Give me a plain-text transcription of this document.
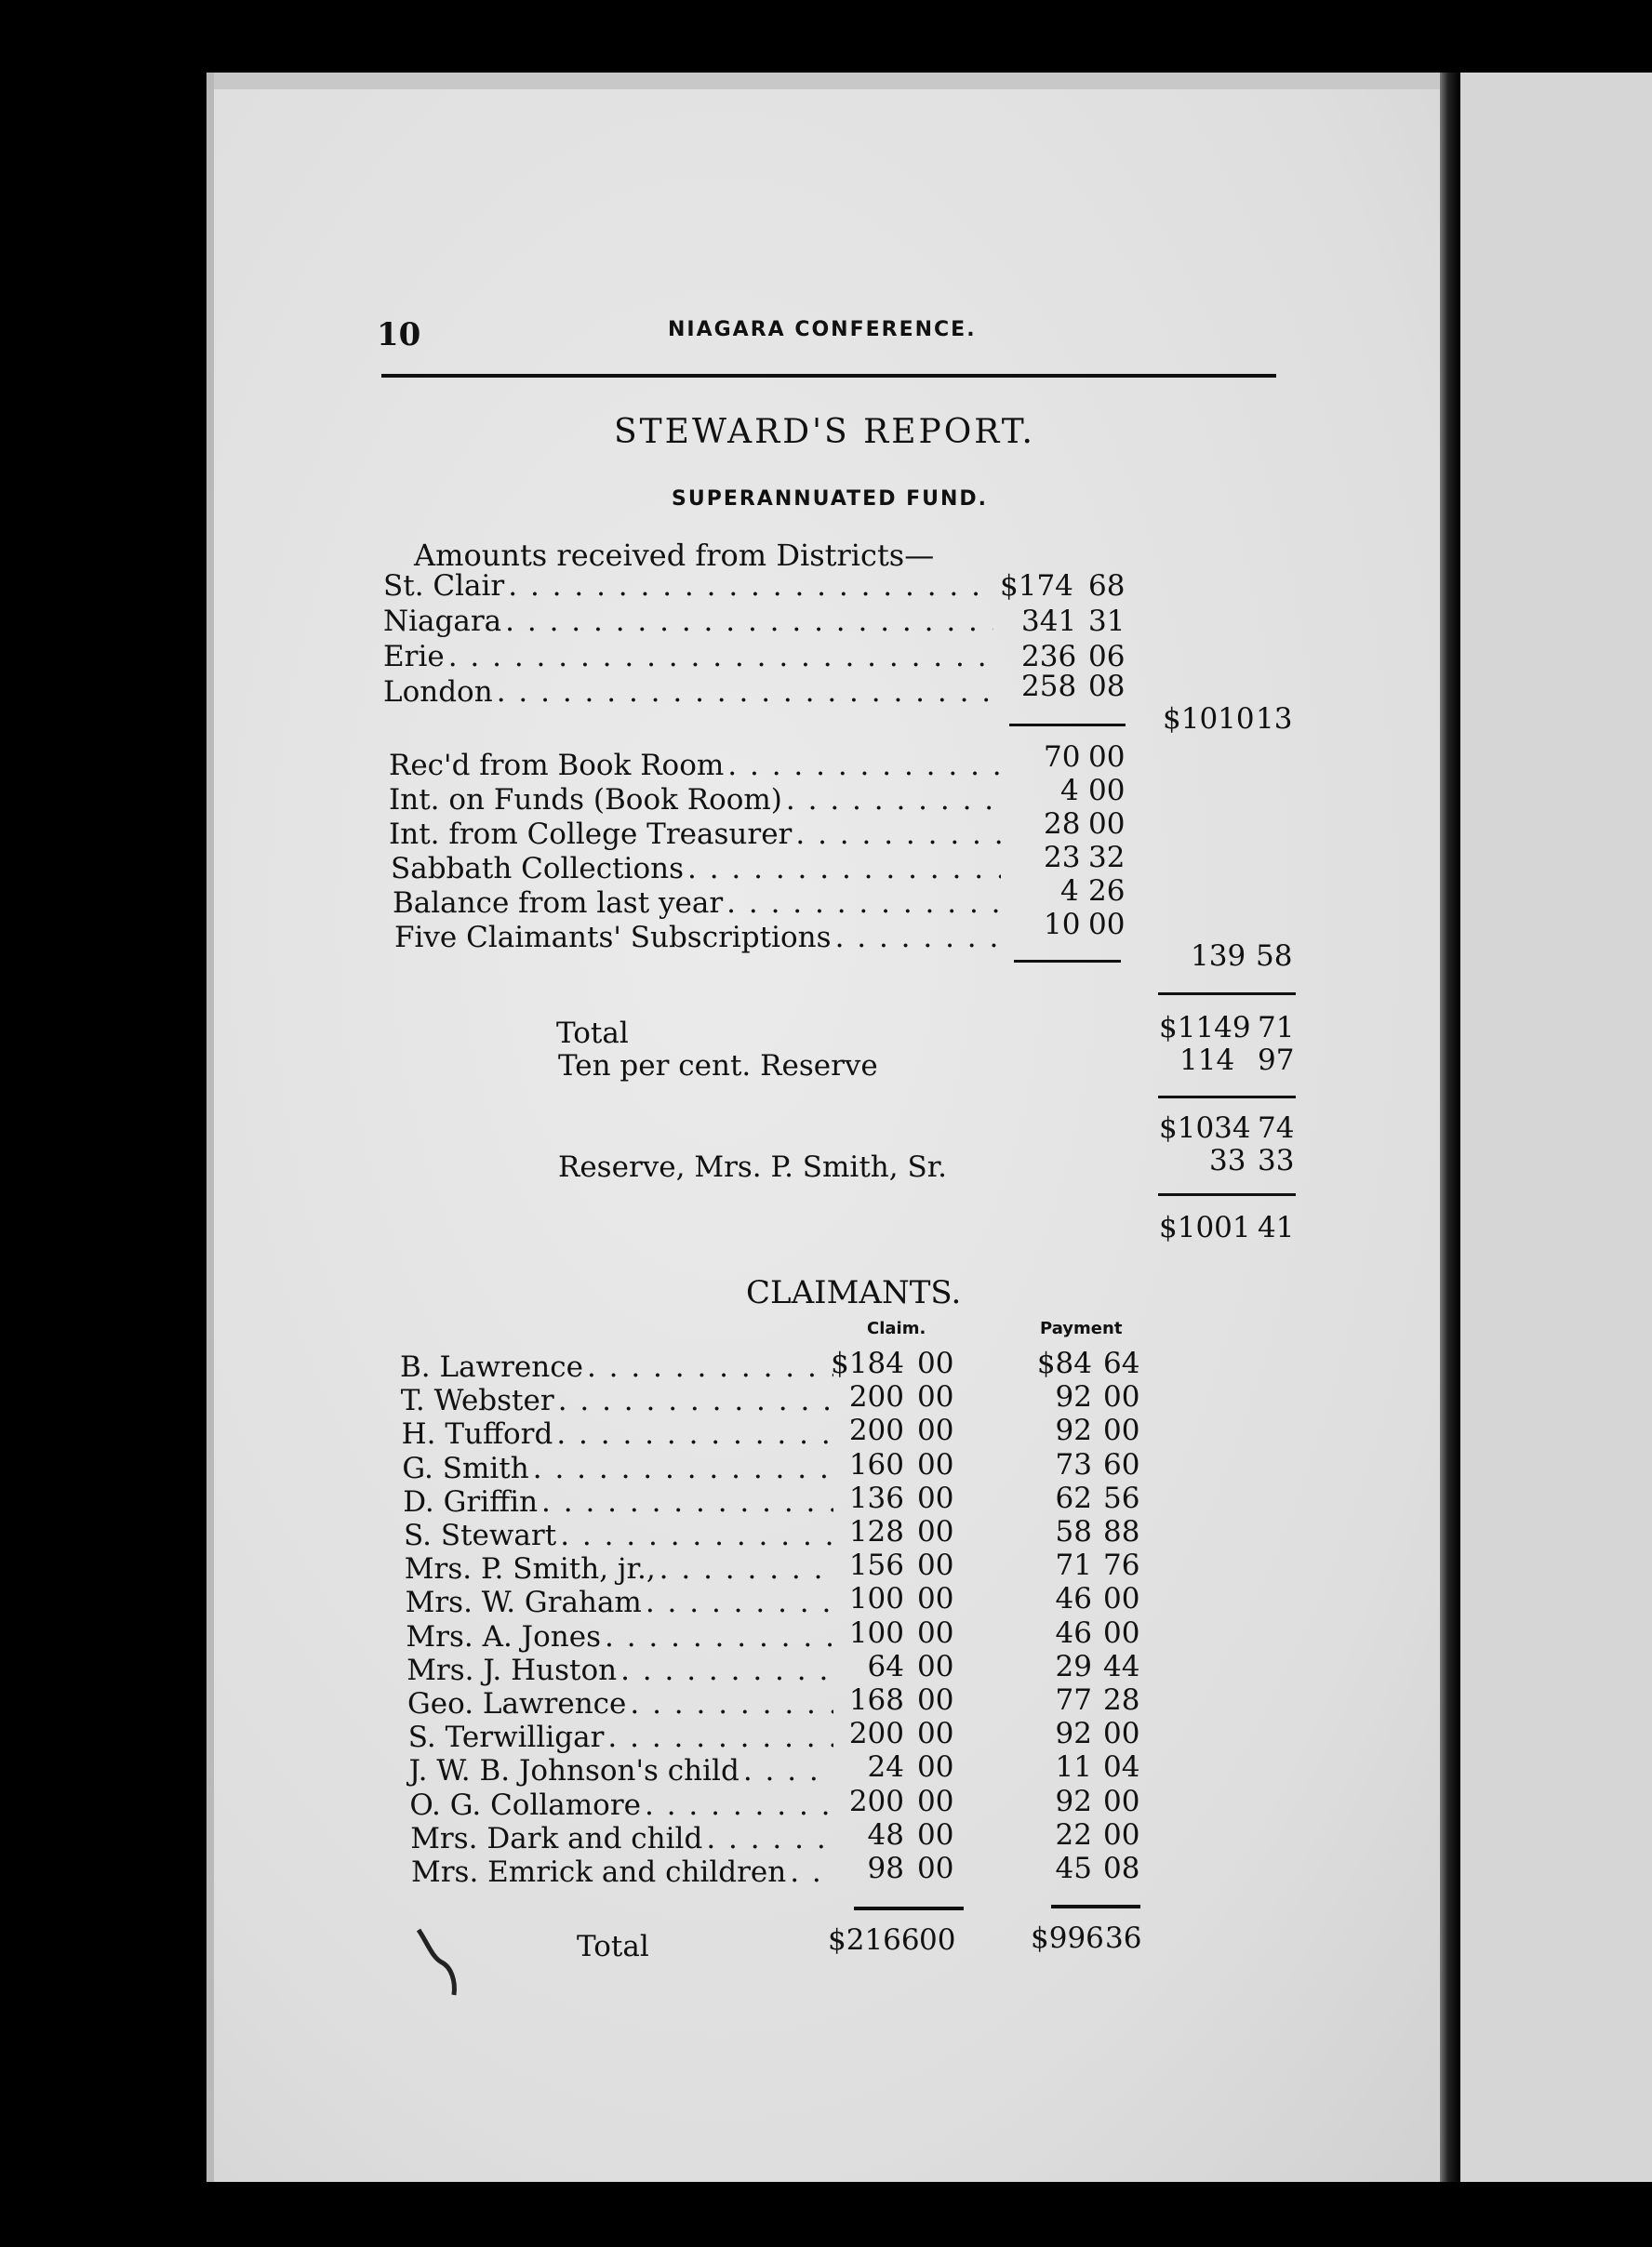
10	NIAGARA CONFERENCE.
STEWARD'S REPORT.
SUPERANNUATED FUND.
Amounts received from Districts—
St. Clair . . .	$174 68
Niagara . . .	341 31
Erie . . .	236 06
London . . .	258 08
$1010 13
Rec'd from Book Room . . .	70 00
Int. on Funds (Book Room) . . .	4 00
Int. from College Treasurer . . .	28 00
Sabbath Collections . . .	23 32
Balance from last year . . .	4 26
Five Claimants' Subscriptions . . .	10 00
139 58
Total	$1149 71
Ten per cent. Reserve	114 97
$1034 74
Reserve, Mrs. P. Smith, Sr.	33 33
$1001 41
CLAIMANTS.
Claim.	Payment
B. Lawrence . . .	$184 00	$84 64
T. Webster . . .	200 00	92 00
H. Tufford . . .	200 00	92 00
G. Smith . . .	160 00	73 60
D. Griffin . . .	136 00	62 56
S. Stewart . . .	128 00	58 88
Mrs. P. Smith, jr., . . .	156 00	71 76
Mrs. W. Graham . . .	100 00	46 00
Mrs. A. Jones . . .	100 00	46 00
Mrs. J. Huston . . .	64 00	29 44
Geo. Lawrence . . .	168 00	77 28
S. Terwilligar . . .	200 00	92 00
J. W. B. Johnson's child . . .	24 00	11 04
O. G. Collamore . . .	200 00	92 00
Mrs. Dark and child . . .	48 00	22 00
Mrs. Emrick and children . . .	98 00	45 08
Total	$2166 00	$996 36
